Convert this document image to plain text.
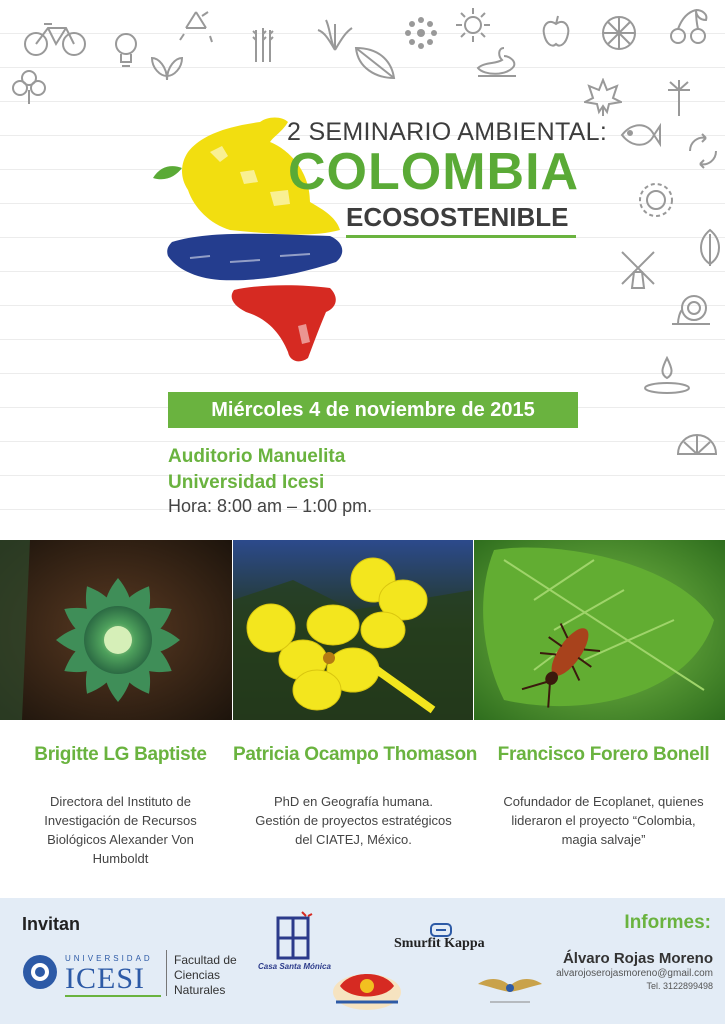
2 SEMINARIO AMBIENTAL:
COLOMBIA
ECOSOSTENIBLE
Miércoles 4 de noviembre de 2015
Auditorio Manuelita
Universidad Icesi
Hora: 8:00 am – 1:00 pm.
Brigitte LG Baptiste
Directora del Instituto de Investigación de Recursos Biológicos Alexander Von Humboldt
Patricia Ocampo Thomason
PhD en Geografía humana. Gestión de proyectos estratégicos del CIATEJ, México.
Francisco Forero Bonell
Cofundador de Ecoplanet, quienes lideraron el proyecto “Colombia, magia salvaje”
Invitan	Informes:
UNIVERSIDAD
ICESI
Facultad de
Ciencias
Naturales
Casa Santa Mónica
Smurfit Kappa
Álvaro Rojas Moreno
alvarojoserojasmoreno@gmail.com
Tel. 3122899498
